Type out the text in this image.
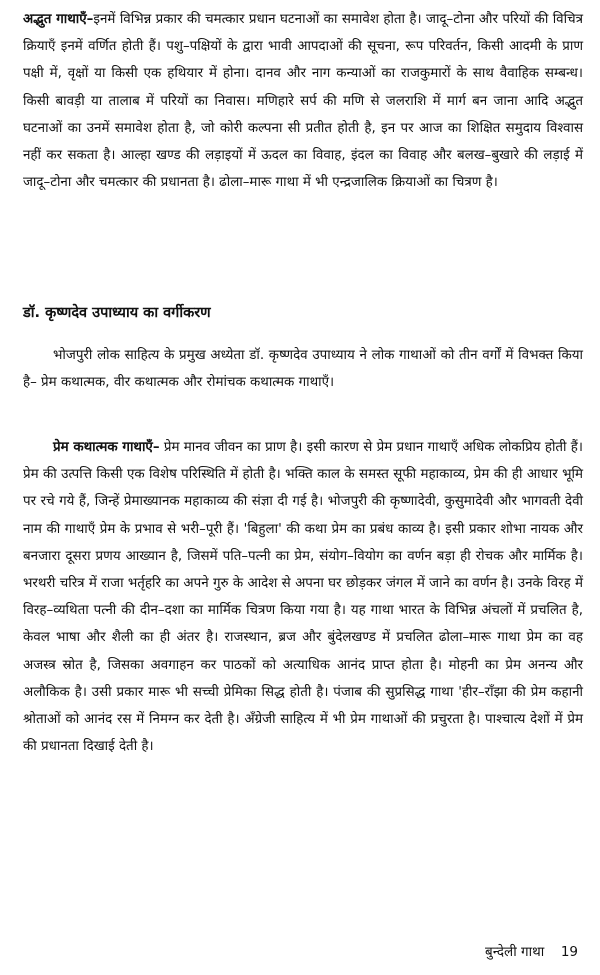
अद्भुत गाथाएँ–इनमें विभिन्न प्रकार की चमत्कार प्रधान घटनाओं का समावेश होता है। जादू–टोना और परियों की विचित्र क्रियाएँ इनमें वर्णित होती हैं। पशु–पक्षियों के द्वारा भावी आपदाओं की सूचना, रूप परिवर्तन, किसी आदमी के प्राण पक्षी में, वृक्षों या किसी एक हथियार में होना। दानव और नाग कन्याओं का राजकुमारों के साथ वैवाहिक सम्बन्ध। किसी बावड़ी या तालाब में परियों का निवास। मणिहारे सर्प की मणि से जलराशि में मार्ग बन जाना आदि अद्भुत घटनाओं का उनमें समावेश होता है, जो कोरी कल्पना सी प्रतीत होती है, इन पर आज का शिक्षित समुदाय विश्वास नहीं कर सकता है। आल्हा खण्ड की लड़ाइयों में ऊदल का विवाह, इंदल का विवाह और बलख–बुखारे की लड़ाई में जादू–टोना और चमत्कार की प्रधानता है। ढोला–मारू गाथा में भी एन्द्रजालिक क्रियाओं का चित्रण है।

डॉ. कृष्णदेव उपाध्याय का वर्गीकरण

भोजपुरी लोक साहित्य के प्रमुख अध्येता डॉ. कृष्णदेव उपाध्याय ने लोक गाथाओं को तीन वर्गों में विभक्त किया है– प्रेम कथात्मक, वीर कथात्मक और रोमांचक कथात्मक गाथाएँ।

प्रेम कथात्मक गाथाएँ– प्रेम मानव जीवन का प्राण है। इसी कारण से प्रेम प्रधान गाथाएँ अधिक लोकप्रिय होती हैं। प्रेम की उत्पत्ति किसी एक विशेष परिस्थिति में होती है। भक्ति काल के समस्त सूफी महाकाव्य, प्रेम की ही आधार भूमि पर रचे गये हैं, जिन्हें प्रेमाख्यानक महाकाव्य की संज्ञा दी गई है। भोजपुरी की कृष्णादेवी, कुसुमादेवी और भागवती देवी नाम की गाथाएँ प्रेम के प्रभाव से भरी–पूरी हैं। 'बिहुला' की कथा प्रेम का प्रबंध काव्य है। इसी प्रकार शोभा नायक और बनजारा दूसरा प्रणय आख्यान है, जिसमें पति–पत्नी का प्रेम, संयोग–वियोग का वर्णन बड़ा ही रोचक और मार्मिक है। भरथरी चरित्र में राजा भर्तृहरि का अपने गुरु के आदेश से अपना घर छोड़कर जंगल में जाने का वर्णन है। उनके विरह में विरह–व्यथिता पत्नी की दीन–दशा का मार्मिक चित्रण किया गया है। यह गाथा भारत के विभिन्न अंचलों में प्रचलित है, केवल भाषा और शैली का ही अंतर है। राजस्थान, ब्रज और बुंदेलखण्ड में प्रचलित ढोला–मारू गाथा प्रेम का वह अजस्त्र स्रोत है, जिसका अवगाहन कर पाठकों को अत्याधिक आनंद प्राप्त होता है। मोहनी का प्रेम अनन्य और अलौकिक है। उसी प्रकार मारू भी सच्ची प्रेमिका सिद्ध होती है। पंजाब की सुप्रसिद्ध गाथा 'हीर–राँझा की प्रेम कहानी श्रोताओं को आनंद रस में निमग्न कर देती है। अँग्रेजी साहित्य में भी प्रेम गाथाओं की प्रचुरता है। पाश्चात्य देशों में प्रेम की प्रधानता दिखाई देती है।

बुन्देली गाथा 19
